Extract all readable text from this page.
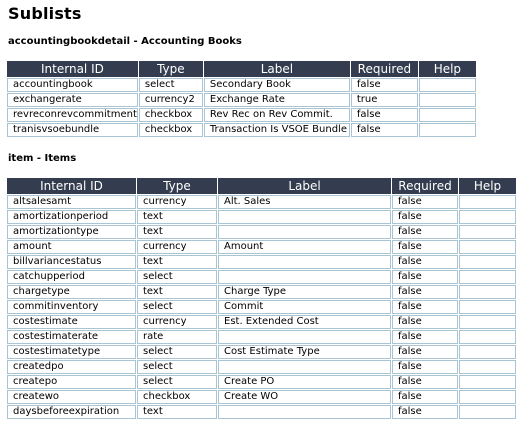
Sublists
accountingbookdetail - Accounting Books
Internal ID	Type	Label	Required	Help
accountingbook	select	Secondary Book	false	
exchangerate	currency2	Exchange Rate	true	
revreconrevcommitment	checkbox	Rev Rec on Rev Commit.	false	
tranisvsoebundle	checkbox	Transaction Is VSOE Bundle	false	
item - Items
Internal ID	Type	Label	Required	Help
altsalesamt	currency	Alt. Sales	false	
amortizationperiod	text		false	
amortizationtype	text		false	
amount	currency	Amount	false	
billvariancestatus	text		false	
catchupperiod	select		false	
chargetype	text	Charge Type	false	
commitinventory	select	Commit	false	
costestimate	currency	Est. Extended Cost	false	
costestimaterate	rate		false	
costestimatetype	select	Cost Estimate Type	false	
createdpo	select		false	
createpo	select	Create PO	false	
createwo	checkbox	Create WO	false	
daysbeforeexpiration	text		false	
